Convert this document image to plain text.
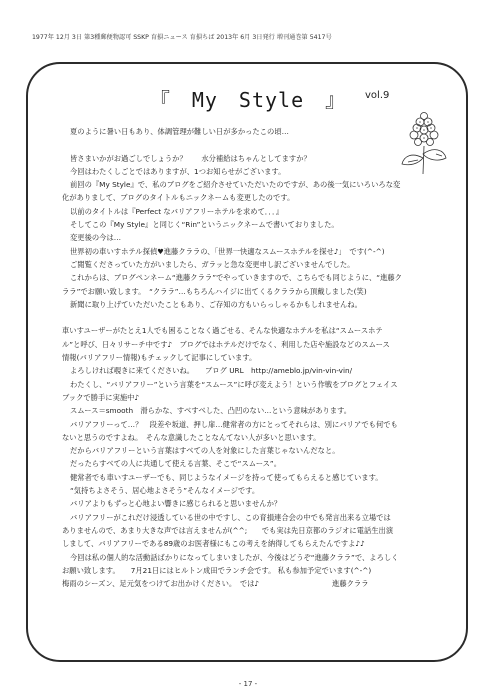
1977年 12月 3日 第3種郵便物認可 SSKP 育損ニュース 育損ちば 2013年 6月 3日発行 増刊通巻第 5417号
『　My　Style　』	vol.9
夏のように暑い日もあり、体調管理が難しい日が多かったこの頃…
皆さまいかがお過ごしでしょうか？　　水分補給はちゃんとしてますか？
今回はわたくしごとではありますが、1つお知らせがございます。
前回の『My Style』で、私のブログをご紹介させていただいたのですが、あの後一気にいろいろな変
化がありまして、ブログのタイトルもニックネームも変更したのです。
以前のタイトルは『Perfect なバリアフリーホテルを求めて．．．』
そしてこの『My Style』と同じく“Rin”というニックネームで書いておりました。
変更後の今は…
世界初の車いすホテル探偵♥進藤クララの、「世界一快適なスムースホテルを探せ♪」　です(^-^)
ご閲覧くださっていた方がいましたら、ガラッと急な変更申し訳ございませんでした。
これからは、ブログペンネーム“進藤クララ”でやっていきますので、こちらでも同じように、“進藤ク
ララ”でお願い致します。　“クララ”…もちろんハイジに出てくるクララから頂戴しました(笑)
新聞に取り上げていただいたこともあり、ご存知の方もいらっしゃるかもしれませんね。
車いすユーザーがたとえ1人でも困ることなく過ごせる、そんな快適なホテルを私は“スムースホテ
ル”と呼び、日々リサーチ中です♪　ブログではホテルだけでなく、利用した店や施設などのスムース
情報(バリアフリー情報)もチェックして記事にしています。
よろしければ覗きに来てくださいね。　　ブログ URL　http://ameblo.jp/vin-vin-vin/
わたくし、“バリアフリー”という言葉を“スムース”に呼び変えよう！という作戦をブログとフェイス
ブックで勝手に実施中♪
スムース＝smooth　滑らかな、すべすべした、凸凹のない…という意味があります。
バリアフリーって…？　段差や坂道、押し扉…健常者の方にとってそれらは、別にバリアでも何でも
ないと思うのですよね。　そんな意識したことなんてない人が多いと思います。
だからバリアフリーという言葉はすべての人を対象にした言葉じゃないんだなと。
だったらすべての人に共通して使える言葉、そこで“スムース”。
健常者でも車いすユーザーでも、同じようなイメージを持って使ってもらえると感じています。
“気持ちよさそう、居心地よさそう”そんなイメージです。
バリアよりもずっと心地よい響きに感じられると思いませんか？
バリアフリーがこれだけ浸透している世の中ですし、この育損連合会の中でも発言出来る立場では
ありませんので、あまり大きな声では言えませんが(^^;　　でも実は先日京都のラジオに電話生出演
しまして、バリアフリーである89歳のお医者様にもこの考えを納得してもらえたんですよ♪♪
今回は私の個人的な活動話ばかりになってしまいましたが、今後はどうぞ“進藤クララ”で、よろしく
お願い致します。　　7月21日にはヒルトン成田でランチ会です。 私も参加予定でいます(^-^)
梅雨のシーズン、足元気をつけてお出かけください。　では♪　　　　　　　　　　進藤クララ
- 17 -
